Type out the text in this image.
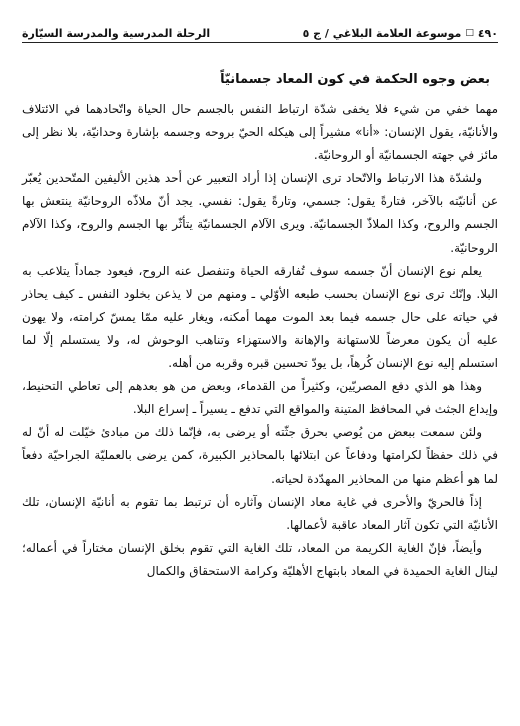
٤٩٠
□
موسوعة العلامة البلاغي / ج ٥
الرحلة المدرسية والمدرسة السيّارة
بعض وجوه الحكمة في كون المعاد جسمانيّاً

مهما خفي من شيء فلا يخفى شدّة ارتباط النفس بالجسم حال الحياة واتّحادهما في الائتلاف والأنانيّة، يقول الإنسان: «أنا» مشيراً إلى هيكله الحيّ بروحه وجسمه بإشارة وحدانيّة، بلا نظر إلى مائز في جهته الجسمانيّة أو الروحانيّة.

ولشدّة هذا الارتباط والاتّحاد ترى الإنسان إذا أراد التعبير عن أحد هذين الأليفين المتّحدين يُعبّر عن أنانيّته بالآخر، فتارةً يقول: جسمي، وتارةً يقول: نفسي. يجد أنّ ملاذّه الروحانيّة ينتعش بها الجسم والروح، وكذا الملاذّ الجسمانيّة. ويرى الآلام الجسمانيّة يتأثّر بها الجسم والروح، وكذا الآلام الروحانيّة.

يعلم نوع الإنسان أنّ جسمه سوف تُفارقه الحياة وتنفصل عنه الروح، فيعود جماداً يتلاعب به البلا. وإنّك ترى نوع الإنسان بحسب طبعه الأوّلي ـ ومنهم من لا يذعن بخلود النفس ـ كيف يحاذر في حياته على حال جسمه فيما بعد الموت مهما أمكنه، ويغار عليه ممّا يمسّ كرامته، ولا يهون عليه أن يكون معرضاً للاستهانة والإهانة والاستهزاء وتناهب الوحوش له، ولا يستسلم إلّا لما استسلم إليه نوع الإنسان كُرهاً، بل يودّ تحسين قبره وقربه من أهله.

وهذا هو الذي دفع المصريّين، وكثيراً من القدماء، وبعض من هو بعدهم إلى تعاطي التحنيط، وإيداع الجثث في المحافظ المتينة والمواقع التي تدفع ـ يسيراً ـ إسراع البلا.

ولئن سمعت ببعض من يُوصي بحرق جثّته أو يرضى به، فإنّما ذلك من مبادئ خيّلت له أنّ له في ذلك حفظاً لكرامتها ودفاعاً عن ابتلائها بالمحاذير الكبيرة، كمن يرضى بالعمليّة الجراحيّة دفعاً لما هو أعظم منها من المحاذير المهدّدة لحياته.

إذاً فالحريّ والأحرى في غاية معاد الإنسان وآثاره أن ترتبط بما تقوم به أنانيّة الإنسان، تلك الأنانيّة التي تكون آثار المعاد عاقبة لأعمالها.

وأيضاً، فإنّ الغاية الكريمة من المعاد، تلك الغاية التي تقوم بخلق الإنسان مختاراً في أعماله؛ لينال الغاية الحميدة في المعاد بابتهاج الأهليّة وكرامة الاستحقاق والكمال
